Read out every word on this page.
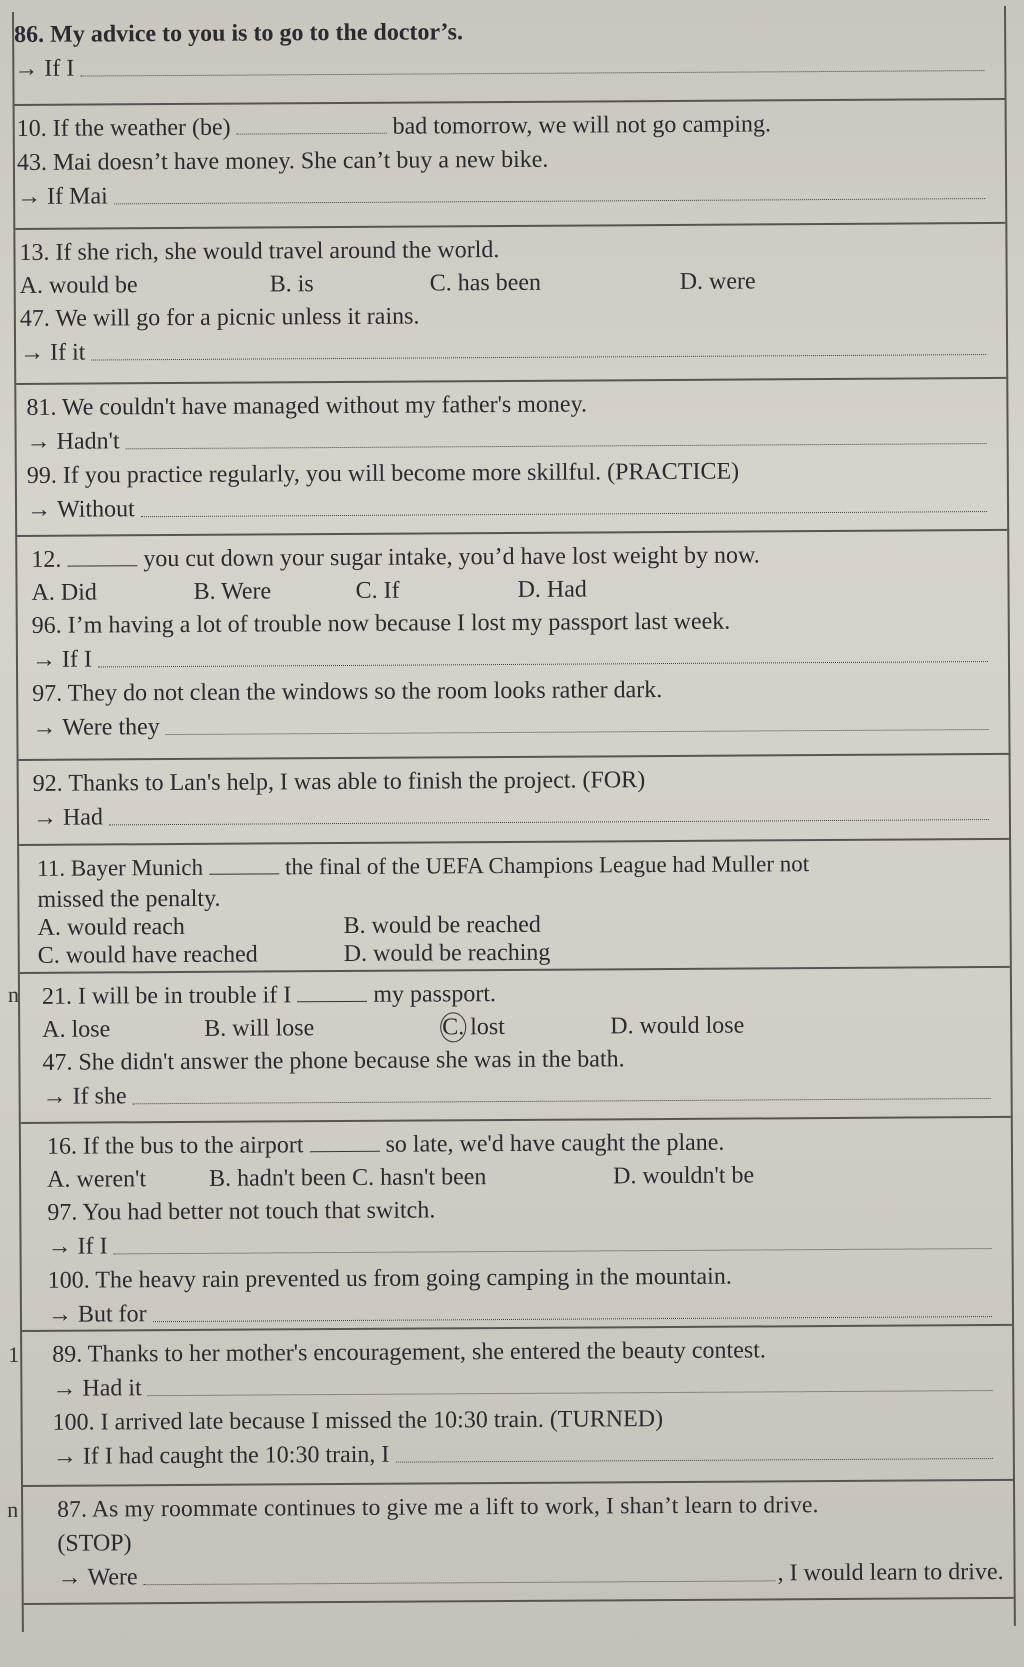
86. My advice to you is to go to the doctor’s.
→ If I
10. If the weather (be)	bad tomorrow, we will not go camping.
43. Mai doesn’t have money. She can’t buy a new bike.
→ If Mai
13. If she rich, she would travel around the world.
A. would be	B. is	C. has been	D. were
47. We will go for a picnic unless it rains.
→ If it
81. We couldn't have managed without my father's money.
→ Hadn't
99. If you practice regularly, you will become more skillful. (PRACTICE)
→ Without
12.	you cut down your sugar intake, you’d have lost weight by now.
A. Did	B. Were	C. If	D. Had
96. I’m having a lot of trouble now because I lost my passport last week.
→ If I
97. They do not clean the windows so the room looks rather dark.
→ Were they
92. Thanks to Lan's help, I was able to finish the project. (FOR)
→ Had
11. Bayer Munich	the final of the UEFA Champions League had Muller not
missed the penalty.
A. would reach	B. would be reached
C. would have reached	D. would be reaching
n 21. I will be in trouble if I	my passport.
A. lose	B. will lose	C. lost	D. would lose
47. She didn't answer the phone because she was in the bath.
→ If she
16. If the bus to the airport	so late, we'd have caught the plane.
A. weren't	B. hadn't been C. hasn't been	D. wouldn't be
97. You had better not touch that switch.
→ If I
100. The heavy rain prevented us from going camping in the mountain.
→ But for
1 89. Thanks to her mother's encouragement, she entered the beauty contest.
→ Had it
100. I arrived late because I missed the 10:30 train. (TURNED)
→ If I had caught the 10:30 train, I
n 87. As my roommate continues to give me a lift to work, I shan’t learn to drive.
(STOP)
→ Were	, I would learn to drive.
